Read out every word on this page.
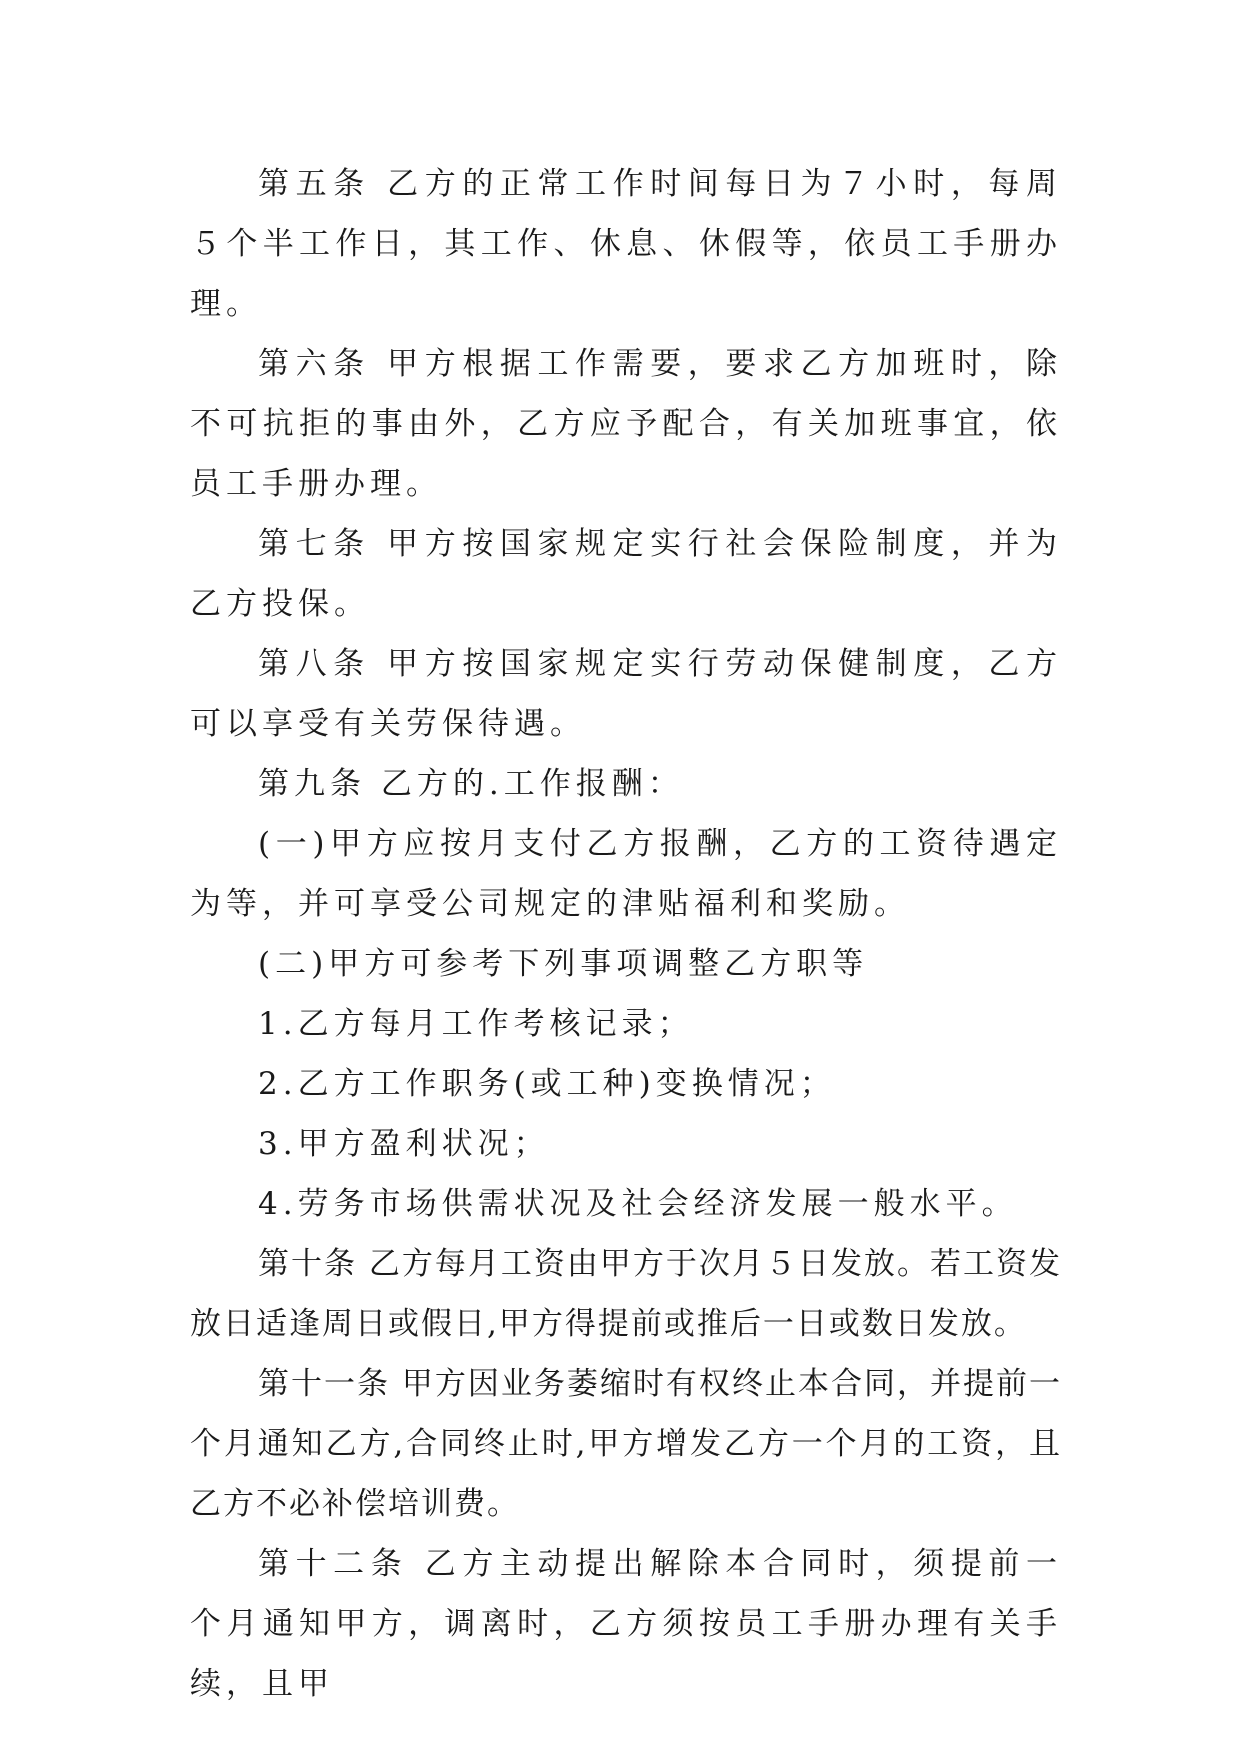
第五条 乙方的正常工作时间每日为７小时，每周５个半工作日，其工作、休息、休假等，依员工手册办理。

第六条 甲方根据工作需要，要求乙方加班时，除不可抗拒的事由外，乙方应予配合，有关加班事宜，依员工手册办理。

第七条 甲方按国家规定实行社会保险制度，并为乙方投保。

第八条 甲方按国家规定实行劳动保健制度，乙方可以享受有关劳保待遇。

第九条 乙方的.工作报酬：

(一)甲方应按月支付乙方报酬，乙方的工资待遇定为等，并可享受公司规定的津贴福利和奖励。

(二)甲方可参考下列事项调整乙方职等

1.乙方每月工作考核记录；

2.乙方工作职务(或工种)变换情况；

3.甲方盈利状况；

4.劳务市场供需状况及社会经济发展一般水平。

第十条 乙方每月工资由甲方于次月５日发放。若工资发放日适逢周日或假日,甲方得提前或推后一日或数日发放。

第十一条 甲方因业务萎缩时有权终止本合同，并提前一个月通知乙方,合同终止时,甲方增发乙方一个月的工资，且乙方不必补偿培训费。

第十二条 乙方主动提出解除本合同时，须提前一个月通知甲方，调离时，乙方须按员工手册办理有关手续，且甲
